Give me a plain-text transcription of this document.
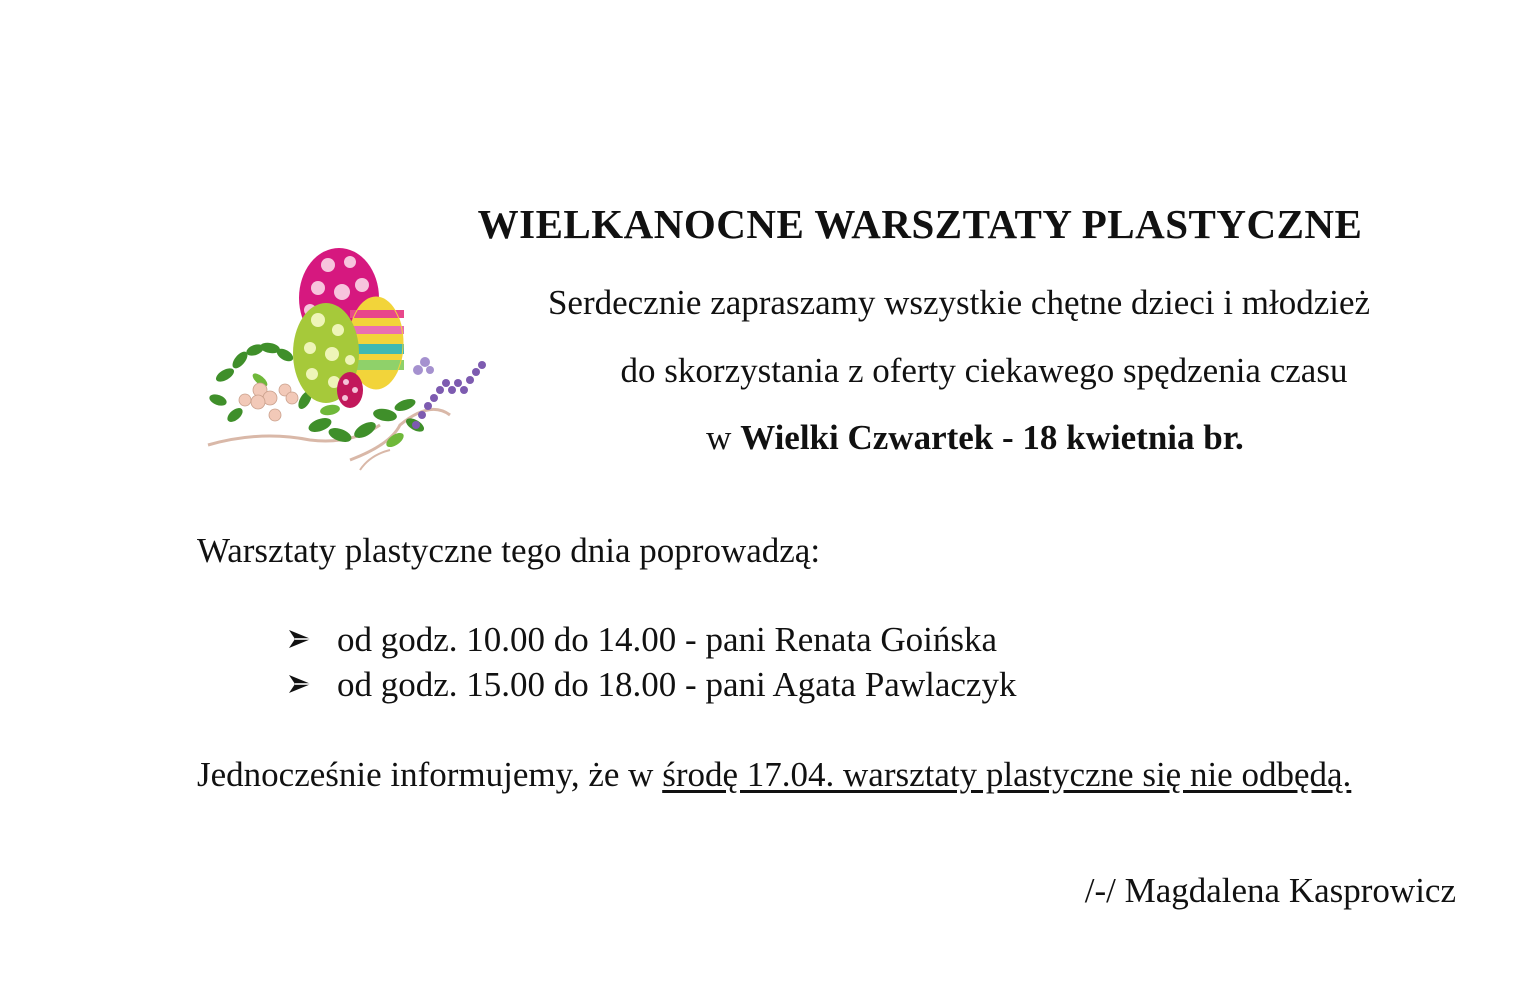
WIELKANOCNE WARSZTATY PLASTYCZNE
Serdecznie zapraszamy wszystkie chętne dzieci i młodzież
do skorzystania z oferty ciekawego spędzenia czasu
w Wielki Czwartek - 18 kwietnia br.
Warsztaty plastyczne tego dnia poprowadzą:
od godz. 10.00 do 14.00 - pani Renata Goińska
od godz. 15.00 do 18.00 - pani Agata Pawlaczyk
Jednocześnie informujemy, że w środę 17.04. warsztaty plastyczne się nie odbędą.
/-/ Magdalena Kasprowicz
